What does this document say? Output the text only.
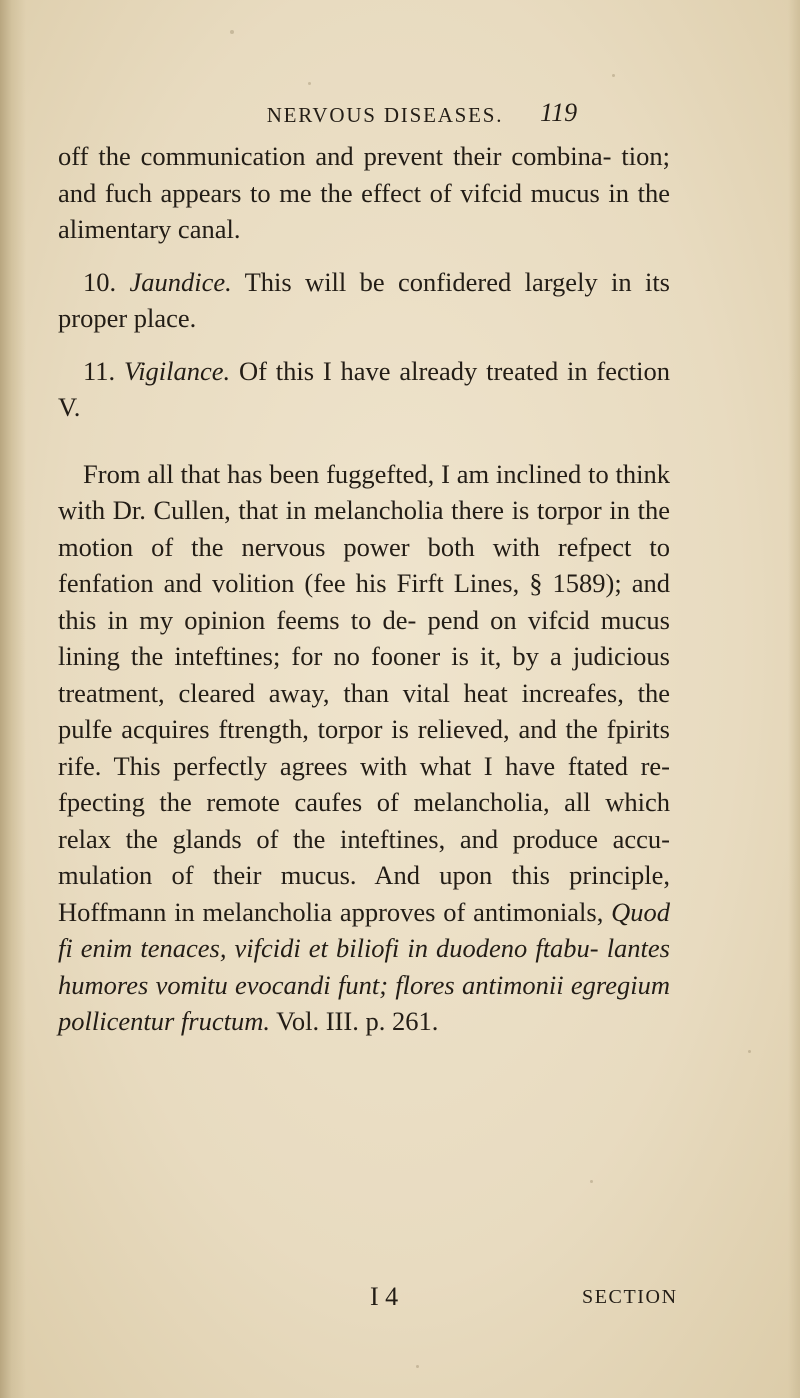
NERVOUS DISEASES.	119

off the communication and prevent their combina- tion; and fuch appears to me the effect of vifcid mucus in the alimentary canal.

10. Jaundice. This will be confidered largely in its proper place.

11. Vigilance. Of this I have already treated in fection V.

From all that has been fuggefted, I am inclined to think with Dr. Cullen, that in melancholia there is torpor in the motion of the nervous power both with refpect to fenfation and volition (fee his Firft Lines, § 1589); and this in my opinion feems to de- pend on vifcid mucus lining the inteftines; for no fooner is it, by a judicious treatment, cleared away, than vital heat increafes, the pulfe acquires ftrength, torpor is relieved, and the fpirits rife. This perfectly agrees with what I have ftated re- fpecting the remote caufes of melancholia, all which relax the glands of the inteftines, and produce accu- mulation of their mucus. And upon this principle, Hoffmann in melancholia approves of antimonials, Quod fi enim tenaces, vifcidi et biliofi in duodeno ftabu- lantes humores vomitu evocandi funt; flores antimonii egregium pollicentur fructum. Vol. III. p. 261.

I 4	SECTION
